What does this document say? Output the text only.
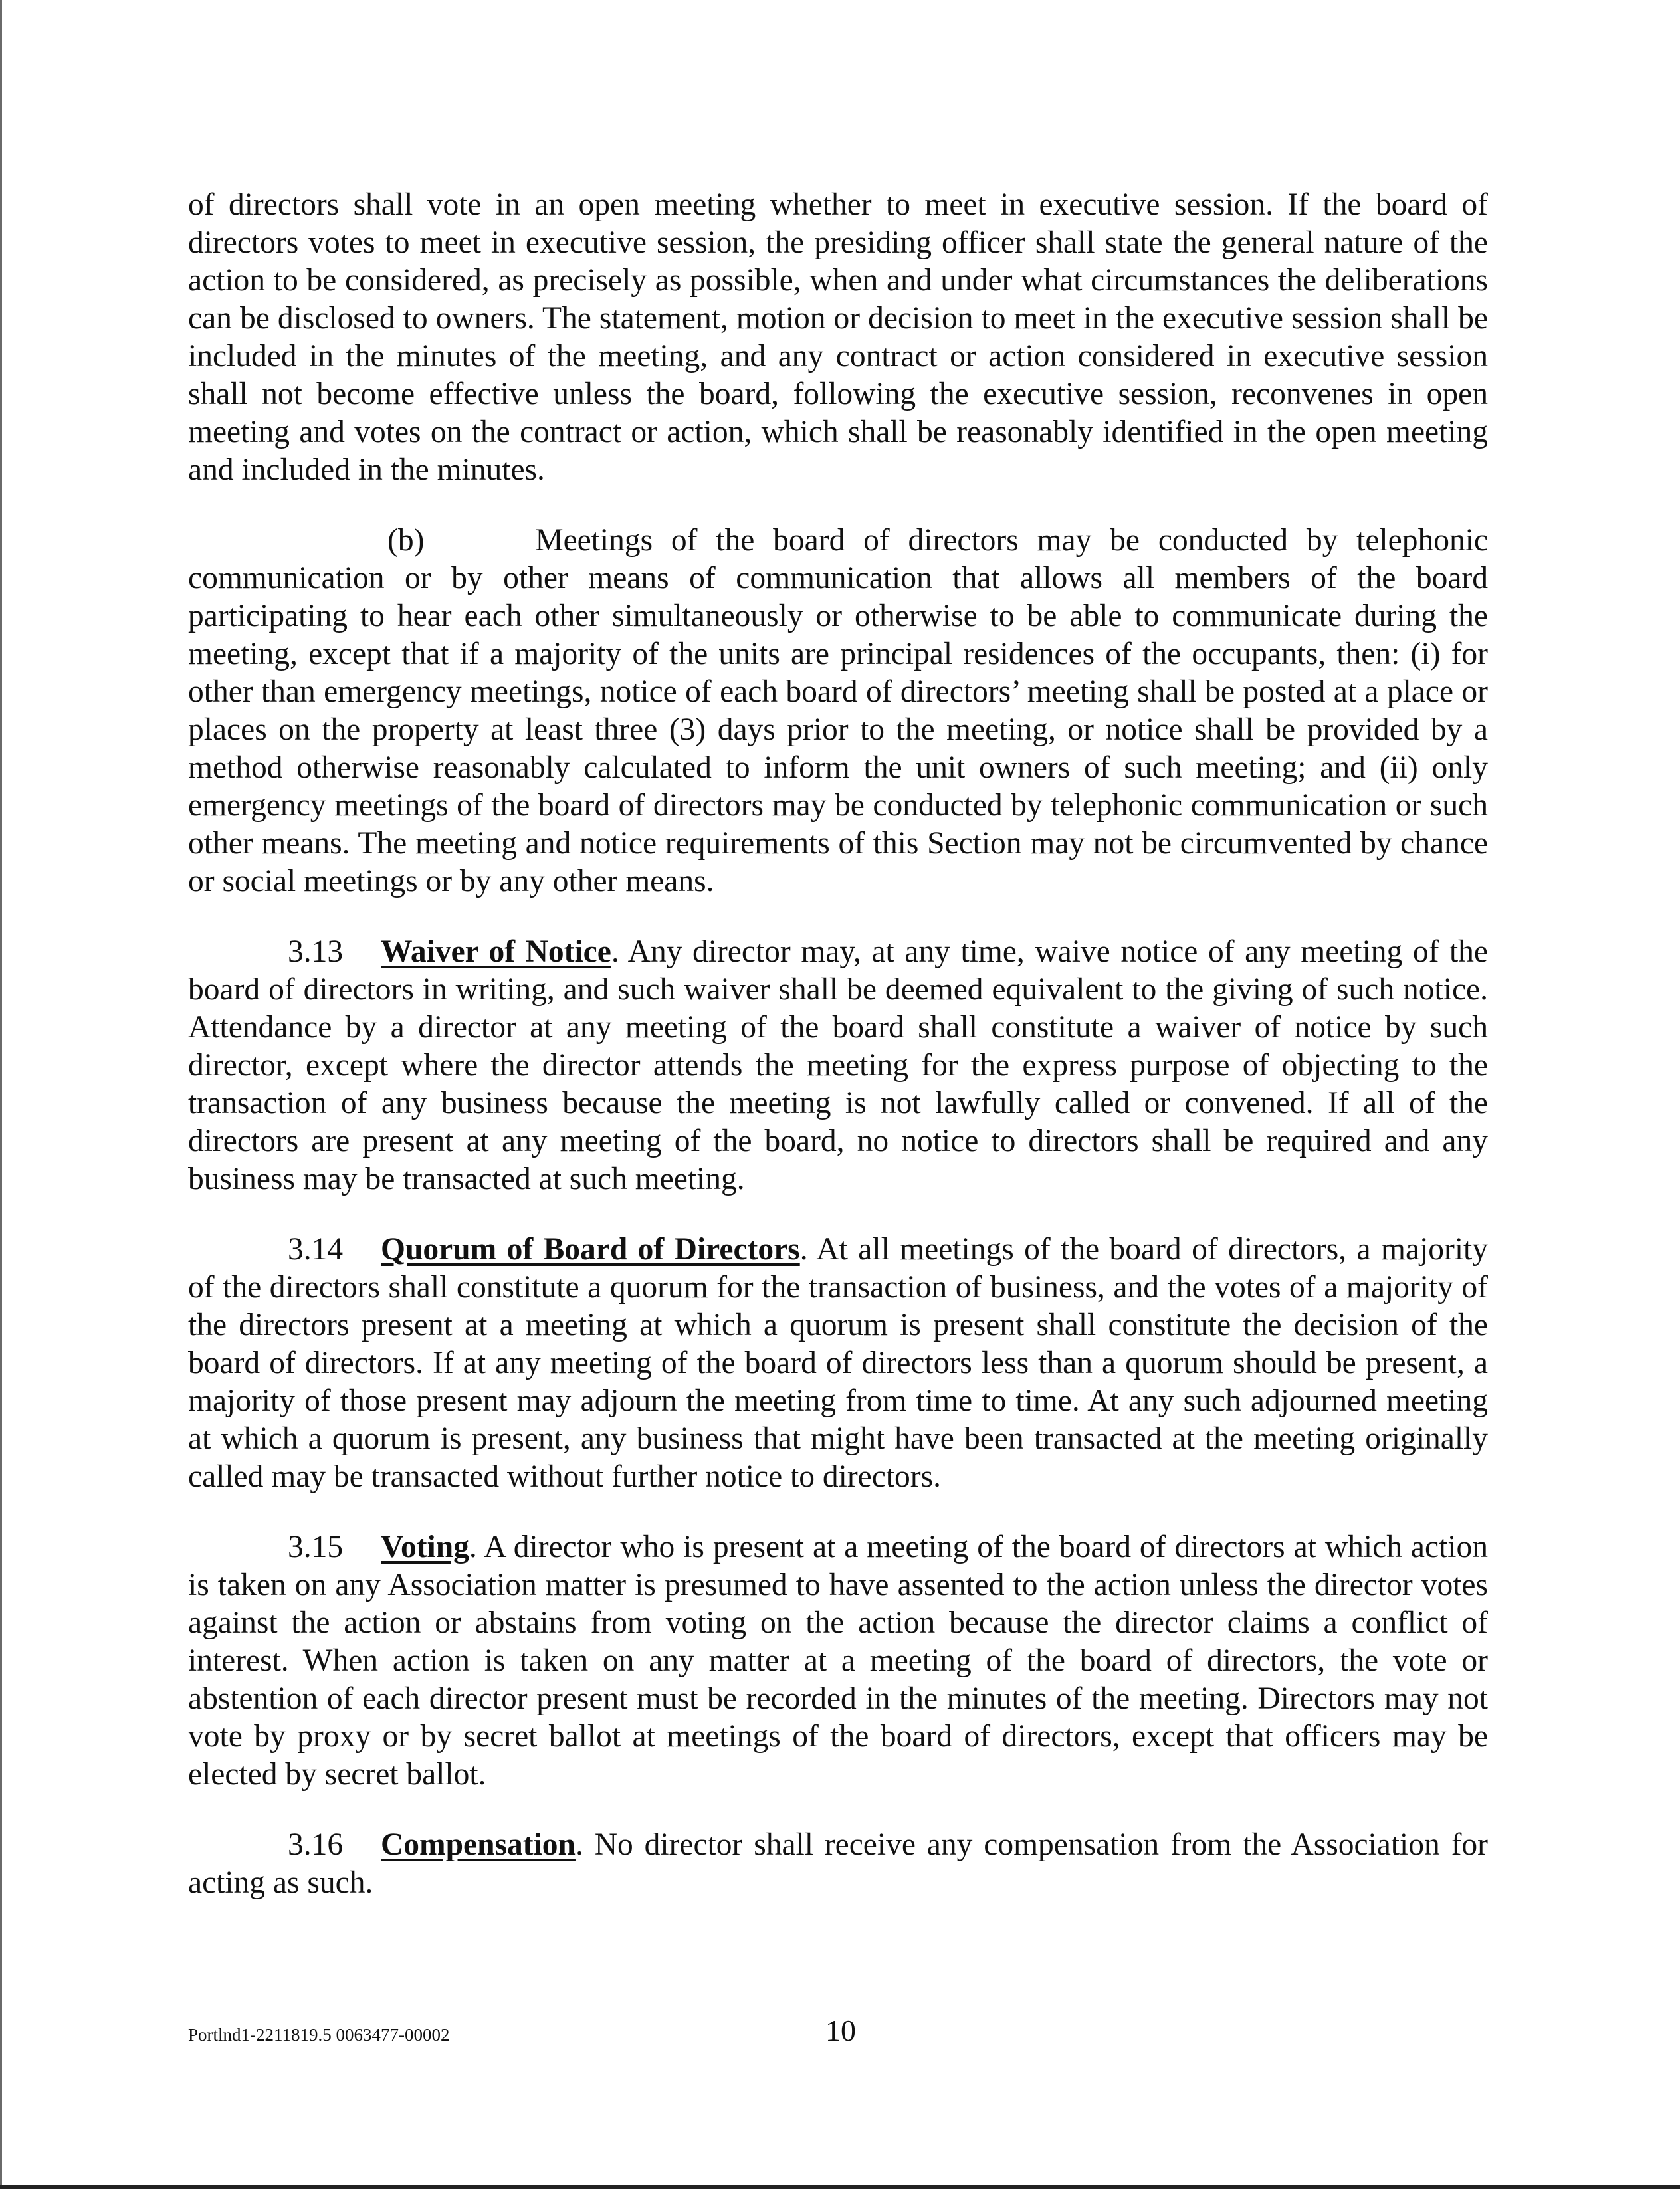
of directors shall vote in an open meeting whether to meet in executive session. If the board of directors votes to meet in executive session, the presiding officer shall state the general nature of the action to be considered, as precisely as possible, when and under what circumstances the deliberations can be disclosed to owners. The statement, motion or decision to meet in the executive session shall be included in the minutes of the meeting, and any contract or action considered in executive session shall not become effective unless the board, following the executive session, reconvenes in open meeting and votes on the contract or action, which shall be reasonably identified in the open meeting and included in the minutes.

(b)      Meetings of the board of directors may be conducted by telephonic communication or by other means of communication that allows all members of the board participating to hear each other simultaneously or otherwise to be able to communicate during the meeting, except that if a majority of the units are principal residences of the occupants, then: (i) for other than emergency meetings, notice of each board of directors’ meeting shall be posted at a place or places on the property at least three (3) days prior to the meeting, or notice shall be provided by a method otherwise reasonably calculated to inform the unit owners of such meeting; and (ii) only emergency meetings of the board of directors may be conducted by telephonic communication or such other means. The meeting and notice requirements of this Section may not be circumvented by chance or social meetings or by any other means.

3.13 Waiver of Notice. Any director may, at any time, waive notice of any meeting of the board of directors in writing, and such waiver shall be deemed equivalent to the giving of such notice. Attendance by a director at any meeting of the board shall constitute a waiver of notice by such director, except where the director attends the meeting for the express purpose of objecting to the transaction of any business because the meeting is not lawfully called or convened. If all of the directors are present at any meeting of the board, no notice to directors shall be required and any business may be transacted at such meeting.

3.14 Quorum of Board of Directors. At all meetings of the board of directors, a majority of the directors shall constitute a quorum for the transaction of business, and the votes of a majority of the directors present at a meeting at which a quorum is present shall constitute the decision of the board of directors. If at any meeting of the board of directors less than a quorum should be present, a majority of those present may adjourn the meeting from time to time. At any such adjourned meeting at which a quorum is present, any business that might have been transacted at the meeting originally called may be transacted without further notice to directors.

3.15 Voting. A director who is present at a meeting of the board of directors at which action is taken on any Association matter is presumed to have assented to the action unless the director votes against the action or abstains from voting on the action because the director claims a conflict of interest. When action is taken on any matter at a meeting of the board of directors, the vote or abstention of each director present must be recorded in the minutes of the meeting. Directors may not vote by proxy or by secret ballot at meetings of the board of directors, except that officers may be elected by secret ballot.

3.16 Compensation. No director shall receive any compensation from the Association for acting as such.

Portlnd1-2211819.5 0063477-00002	10
